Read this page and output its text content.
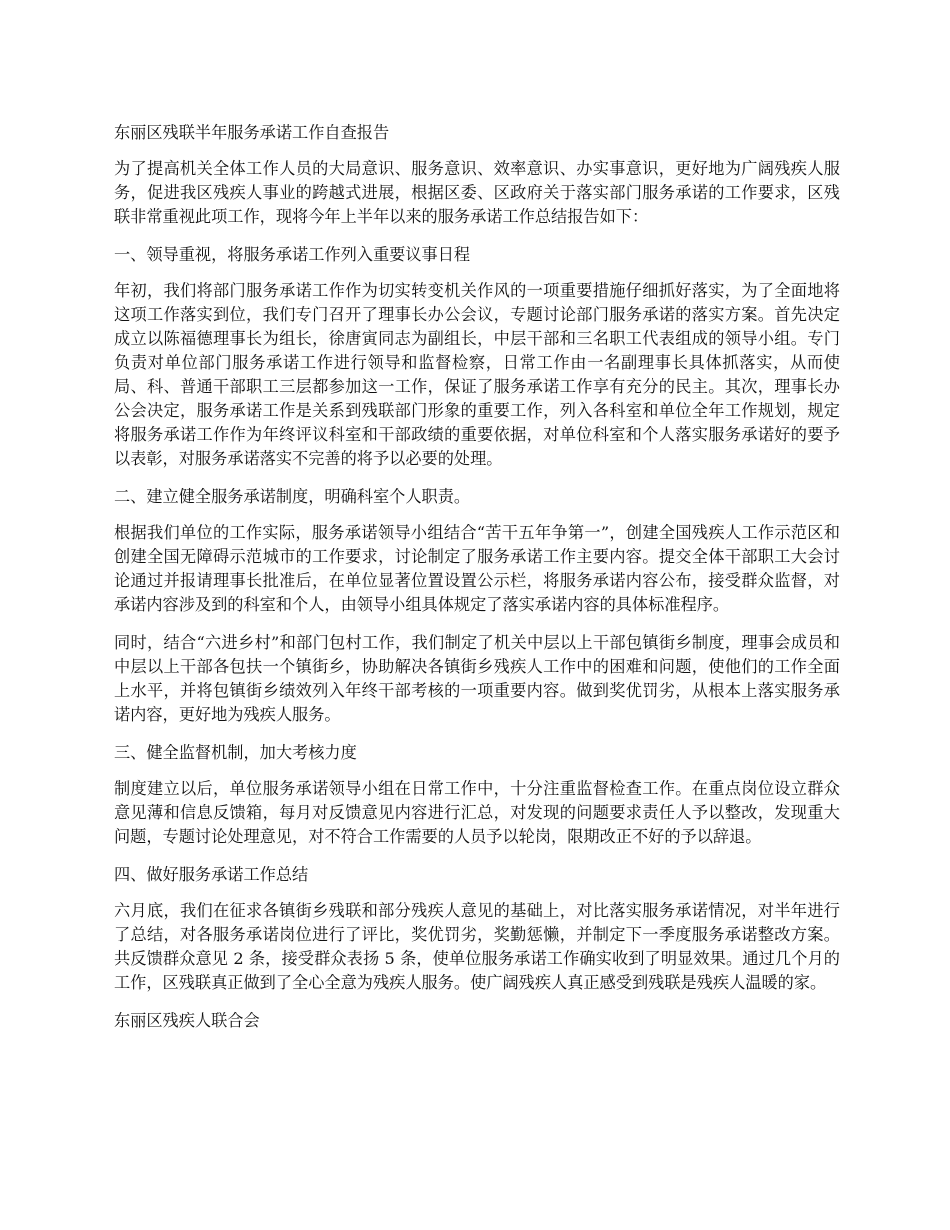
东丽区残联半年服务承诺工作自查报告

为了提高机关全体工作人员的大局意识、服务意识、效率意识、办实事意识，更好地为广阔残疾人服务，促进我区残疾人事业的跨越式进展，根据区委、区政府关于落实部门服务承诺的工作要求，区残联非常重视此项工作，现将今年上半年以来的服务承诺工作总结报告如下：

一、领导重视，将服务承诺工作列入重要议事日程

年初，我们将部门服务承诺工作作为切实转变机关作风的一项重要措施仔细抓好落实，为了全面地将这项工作落实到位，我们专门召开了理事长办公会议，专题讨论部门服务承诺的落实方案。首先决定成立以陈福德理事长为组长，徐唐寅同志为副组长，中层干部和三名职工代表组成的领导小组。专门负责对单位部门服务承诺工作进行领导和监督检察，日常工作由一名副理事长具体抓落实，从而使局、科、普通干部职工三层都参加这一工作，保证了服务承诺工作享有充分的民主。其次，理事长办公会决定，服务承诺工作是关系到残联部门形象的重要工作，列入各科室和单位全年工作规划，规定将服务承诺工作作为年终评议科室和干部政绩的重要依据，对单位科室和个人落实服务承诺好的要予以表彰，对服务承诺落实不完善的将予以必要的处理。

二、建立健全服务承诺制度，明确科室个人职责。

根据我们单位的工作实际，服务承诺领导小组结合“苦干五年争第一”，创建全国残疾人工作示范区和创建全国无障碍示范城市的工作要求，讨论制定了服务承诺工作主要内容。提交全体干部职工大会讨论通过并报请理事长批准后，在单位显著位置设置公示栏，将服务承诺内容公布，接受群众监督，对承诺内容涉及到的科室和个人，由领导小组具体规定了落实承诺内容的具体标准程序。

同时，结合“六进乡村”和部门包村工作，我们制定了机关中层以上干部包镇街乡制度，理事会成员和中层以上干部各包扶一个镇街乡，协助解决各镇街乡残疾人工作中的困难和问题，使他们的工作全面上水平，并将包镇街乡绩效列入年终干部考核的一项重要内容。做到奖优罚劣，从根本上落实服务承诺内容，更好地为残疾人服务。

三、健全监督机制，加大考核力度

制度建立以后，单位服务承诺领导小组在日常工作中，十分注重监督检查工作。在重点岗位设立群众意见薄和信息反馈箱，每月对反馈意见内容进行汇总，对发现的问题要求责任人予以整改，发现重大问题，专题讨论处理意见，对不符合工作需要的人员予以轮岗，限期改正不好的予以辞退。

四、做好服务承诺工作总结

六月底，我们在征求各镇街乡残联和部分残疾人意见的基础上，对比落实服务承诺情况，对半年进行了总结，对各服务承诺岗位进行了评比，奖优罚劣，奖勤惩懒，并制定下一季度服务承诺整改方案。共反馈群众意见 2 条，接受群众表扬 5 条，使单位服务承诺工作确实收到了明显效果。通过几个月的工作，区残联真正做到了全心全意为残疾人服务。使广阔残疾人真正感受到残联是残疾人温暖的家。

东丽区残疾人联合会
